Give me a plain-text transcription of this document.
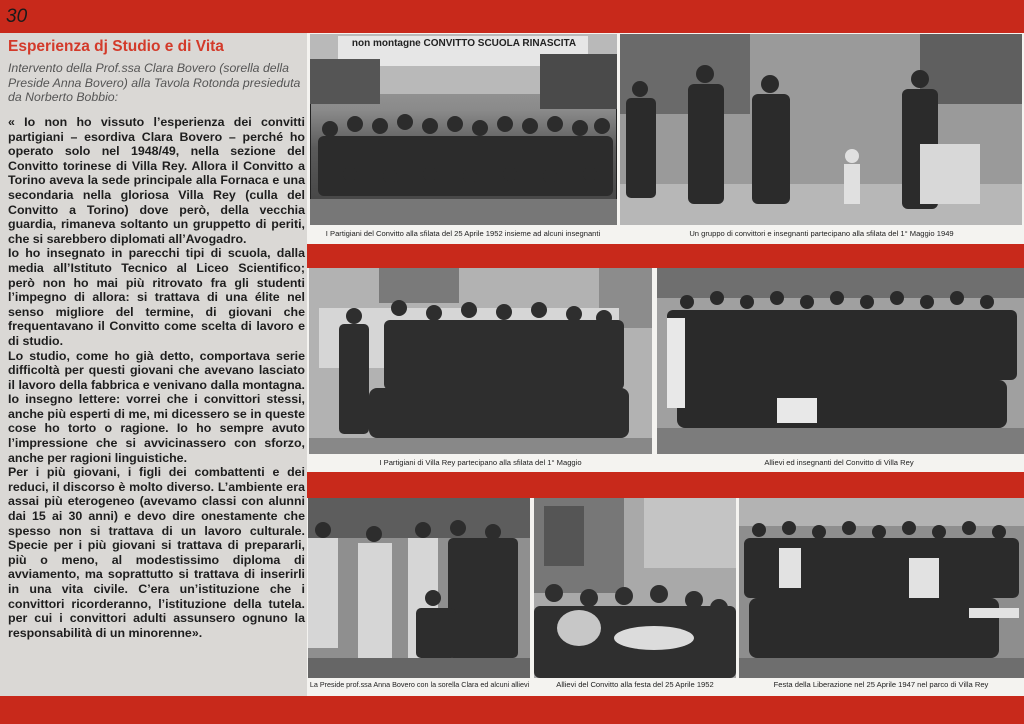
30
Esperienza dj Studio e di Vita
Intervento della Prof.ssa Clara Bovero (sorella della Preside Anna Bovero) alla Tavola Rotonda presieduta da Norberto Bobbio:

« Io non ho vissuto l’esperienza dei convitti partigiani – esordiva Clara Bovero – perché ho operato solo nel 1948/49, nella sezione del Convitto torinese di Villa Rey. Allora il Convitto a Torino aveva la sede principale alla Fornaca e una secondaria nella gloriosa Villa Rey (culla del Convitto a Torino) dove però, della vecchia guardia, rimaneva soltanto un gruppetto di periti, che si sarebbero diplomati all’Avogadro.

Io ho insegnato in parecchi tipi di scuola, dalla media all’Istituto Tecnico al Liceo Scientifico; però non ho mai più ritrovato fra gli studenti l’impegno di allora: si trattava di una élite nel senso migliore del termine, di giovani che frequentavano il Convitto come scelta di lavoro e di studio.

Lo studio, come ho già detto, comportava serie difficoltà per questi giovani che avevano lasciato il lavoro della fabbrica e venivano dalla montagna. Io insegno lettere: vorrei che i convittori stessi, anche più esperti di me, mi dicessero se in queste cose ho torto o ragione. Io ho sempre avuto l’impressione che si avvicinassero con sforzo, anche per ragioni linguistiche.

Per i più giovani, i figli dei combattenti e dei reduci, il discorso è molto diverso. L’ambiente era assai più eterogeneo (avevamo classi con alunni dai 15 ai 30 anni) e devo dire onestamente che spesso non si trattava di un lavoro culturale. Specie per i più giovani si trattava di prepararli, più o meno, al modestissimo diploma di avviamento, ma soprattutto si trattava di inserirli in una vita civile. C’era un’istituzione che i convittori ricorderanno, l’istituzione della tutela. per cui i convittori adulti assunsero ognuno la responsabilità di un minorenne».

non montagne CONVITTO SCUOLA RINASCITA
I Partigiani del Convitto alla sfilata del 25 Aprile 1952 insieme ad alcuni insegnanti	Un gruppo di convittori e insegnanti partecipano alla sfilata del 1° Maggio 1949
I Partigiani di Villa Rey partecipano alla sfilata del 1° Maggio	Allievi ed insegnanti del Convitto di Villa Rey
La Preside prof.ssa Anna Bovero con la sorella Clara ed alcuni allievi	Allievi del Convitto alla festa del 25 Aprile 1952	Festa della Liberazione nel 25 Aprile 1947 nel parco di Villa Rey
